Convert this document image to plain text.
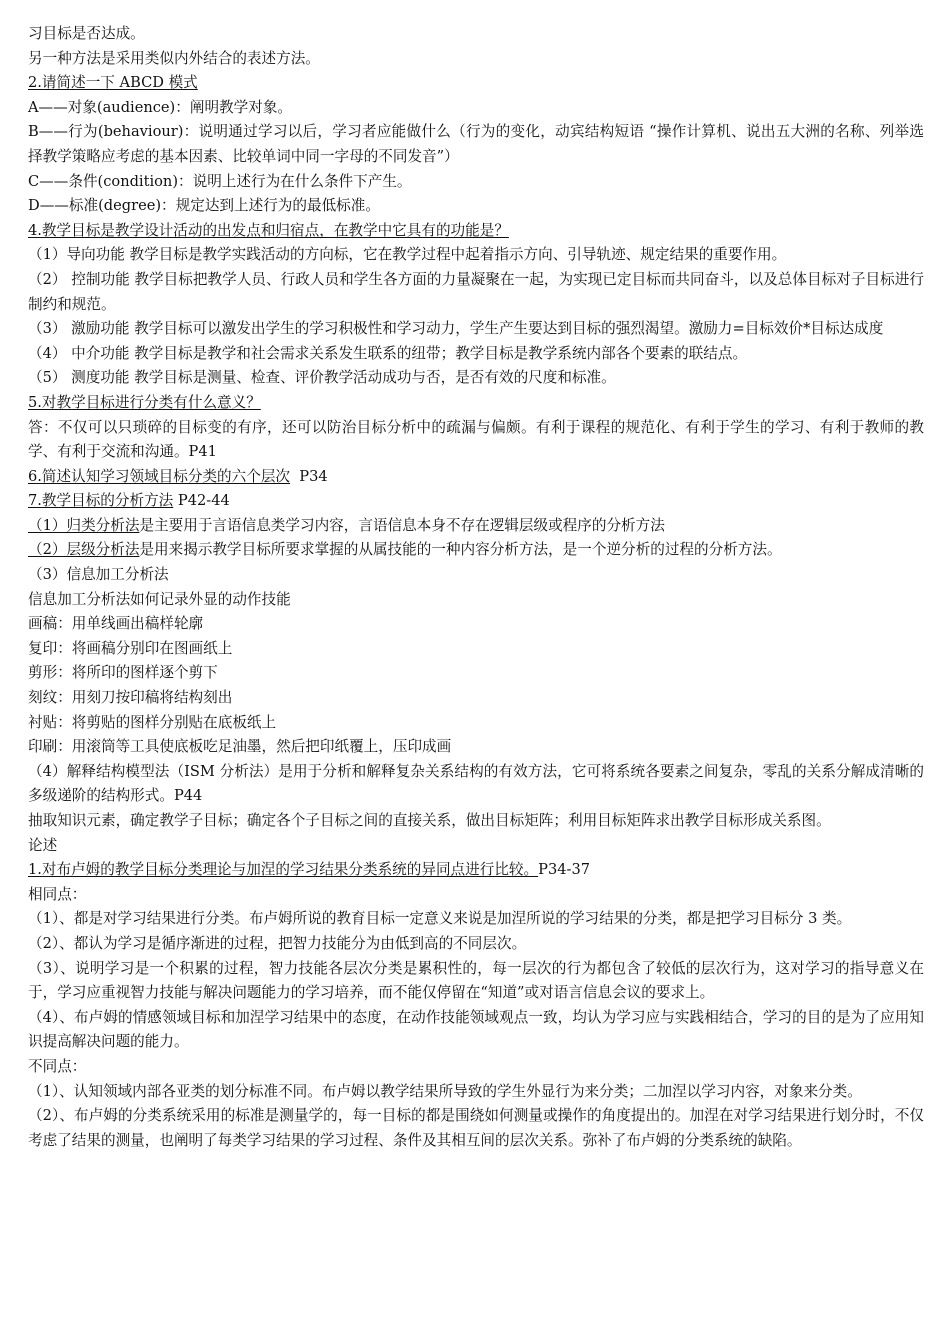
习目标是否达成。

另一种方法是采用类似内外结合的表述方法。

2.请简述一下 ABCD 模式

A——对象(audience)：阐明教学对象。

B——行为(behaviour)：说明通过学习以后，学习者应能做什么（行为的变化，动宾结构短语 “操作计算机、说出五大洲的名称、列举选择教学策略应考虑的基本因素、比较单词中同一字母的不同发音”）

C——条件(condition)：说明上述行为在什么条件下产生。

D——标准(degree)：规定达到上述行为的最低标准。

4.教学目标是教学设计活动的出发点和归宿点，在教学中它具有的功能是？

（1）导向功能 教学目标是教学实践活动的方向标，它在教学过程中起着指示方向、引导轨迹、规定结果的重要作用。

（2） 控制功能 教学目标把教学人员、行政人员和学生各方面的力量凝聚在一起，为实现已定目标而共同奋斗，以及总体目标对子目标进行制约和规范。

（3） 激励功能 教学目标可以激发出学生的学习积极性和学习动力，学生产生要达到目标的强烈渴望。激励力=目标效价*目标达成度

（4） 中介功能 教学目标是教学和社会需求关系发生联系的纽带；教学目标是教学系统内部各个要素的联结点。

（5） 测度功能 教学目标是测量、检查、评价教学活动成功与否，是否有效的尺度和标准。

5.对教学目标进行分类有什么意义？

答：不仅可以只琐碎的目标变的有序，还可以防治目标分析中的疏漏与偏颇。有利于课程的规范化、有利于学生的学习、有利于教师的教学、有利于交流和沟通。P41

6.简述认知学习领域目标分类的六个层次  P34

7.教学目标的分析方法 P42-44

（1）归类分析法是主要用于言语信息类学习内容，言语信息本身不存在逻辑层级或程序的分析方法

（2）层级分析法是用来揭示教学目标所要求掌握的从属技能的一种内容分析方法，是一个逆分析的过程的分析方法。

（3）信息加工分析法

信息加工分析法如何记录外显的动作技能

画稿：用单线画出稿样轮廓

复印：将画稿分别印在图画纸上

剪形：将所印的图样逐个剪下

刻纹：用刻刀按印稿将结构刻出

衬贴：将剪贴的图样分别贴在底板纸上

印刷：用滚筒等工具使底板吃足油墨，然后把印纸覆上，压印成画

（4）解释结构模型法（ISM 分析法）是用于分析和解释复杂关系结构的有效方法，它可将系统各要素之间复杂，零乱的关系分解成清晰的多级递阶的结构形式。P44

抽取知识元素，确定教学子目标；确定各个子目标之间的直接关系，做出目标矩阵；利用目标矩阵求出教学目标形成关系图。

论述

1.对布卢姆的教学目标分类理论与加涅的学习结果分类系统的异同点进行比较。P34-37

相同点：

（1）、都是对学习结果进行分类。布卢姆所说的教育目标一定意义来说是加涅所说的学习结果的分类，都是把学习目标分 3 类。

（2）、都认为学习是循序渐进的过程，把智力技能分为由低到高的不同层次。

（3）、说明学习是一个积累的过程，智力技能各层次分类是累积性的，每一层次的行为都包含了较低的层次行为，这对学习的指导意义在于，学习应重视智力技能与解决问题能力的学习培养，而不能仅停留在“知道”或对语言信息会议的要求上。

（4）、布卢姆的情感领域目标和加涅学习结果中的态度，在动作技能领域观点一致，均认为学习应与实践相结合，学习的目的是为了应用知识提高解决问题的能力。

不同点：

（1）、认知领域内部各亚类的划分标准不同。布卢姆以教学结果所导致的学生外显行为来分类；二加涅以学习内容，对象来分类。

（2）、布卢姆的分类系统采用的标准是测量学的，每一目标的都是围绕如何测量或操作的角度提出的。加涅在对学习结果进行划分时，不仅考虑了结果的测量，也阐明了每类学习结果的学习过程、条件及其相互间的层次关系。弥补了布卢姆的分类系统的缺陷。
